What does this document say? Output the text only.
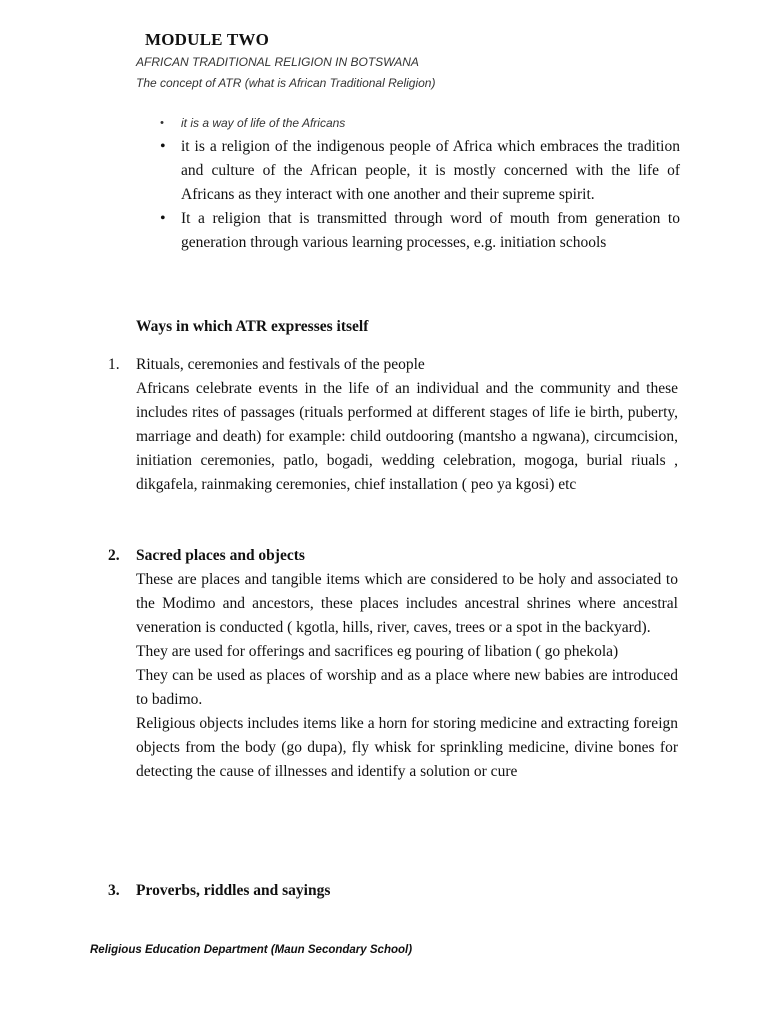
MODULE TWO
AFRICAN TRADITIONAL RELIGION IN BOTSWANA
The concept of ATR (what is African Traditional Religion)
• it is a way of life of the Africans
• it is a religion of the indigenous people of Africa which embraces the tradition and culture of the African people, it is mostly concerned with the life of Africans as they interact with one another and their supreme spirit.
• It a religion that is transmitted through word of mouth from generation to generation through various learning processes, e.g. initiation schools
Ways in which ATR expresses itself
1. Rituals, ceremonies and festivals of the people

Africans celebrate events in the life of an individual and the community and these includes rites of passages (rituals performed at different stages of life ie birth, puberty, marriage and death) for example: child outdooring (mantsho a ngwana), circumcision, initiation ceremonies, patlo, bogadi, wedding celebration, mogoga, burial riuals , dikgafela, rainmaking ceremonies, chief installation ( peo ya kgosi) etc

2. Sacred places and objects

These are places and tangible items which are considered to be holy and associated to the Modimo and ancestors, these places includes ancestral shrines where ancestral veneration is conducted ( kgotla, hills, river, caves, trees or a spot in the backyard).

They are used for offerings and sacrifices eg pouring of libation ( go phekola)

They can be used as places of worship and as a place where new babies are introduced to badimo.

Religious objects includes items like a horn for storing medicine and extracting foreign objects from the body (go dupa), fly whisk for sprinkling medicine, divine bones for detecting the cause of illnesses and identify a solution or cure

3. Proverbs, riddles and sayings

Religious Education Department (Maun Secondary School)
